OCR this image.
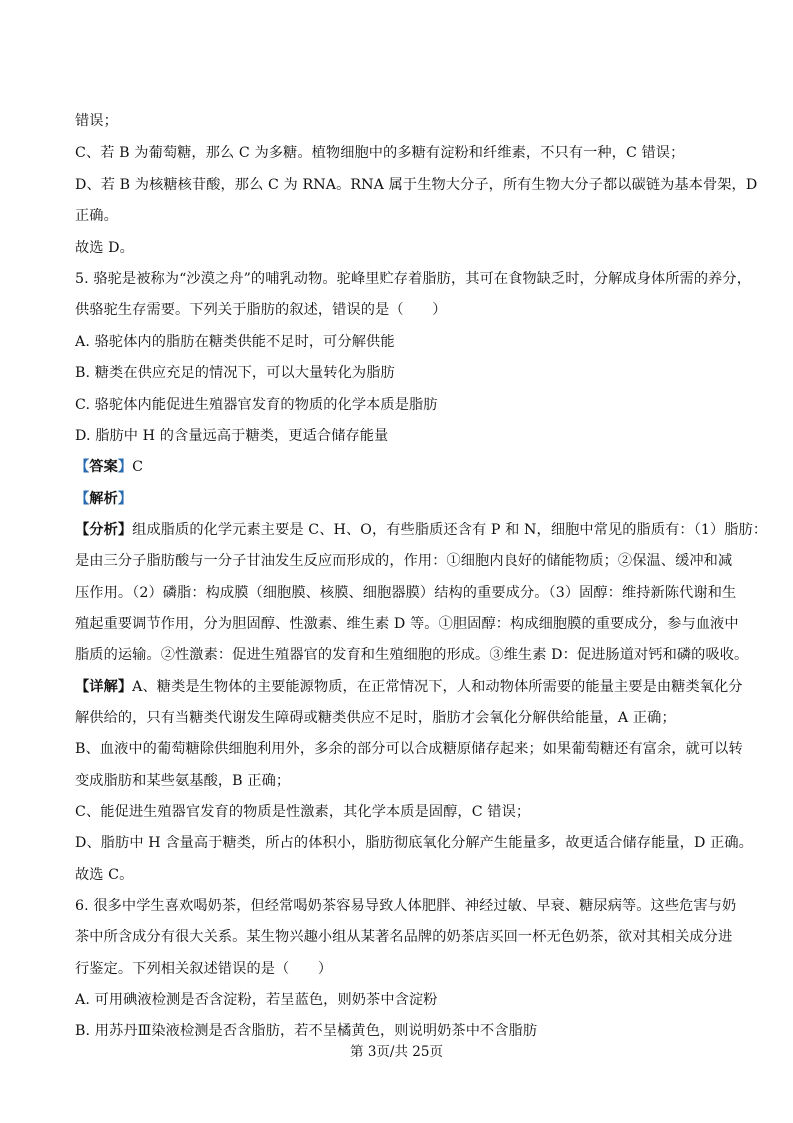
错误；
C、若 B 为葡萄糖，那么 C 为多糖。植物细胞中的多糖有淀粉和纤维素，不只有一种，C 错误；
D、若 B 为核糖核苷酸，那么 C 为 RNA。RNA 属于生物大分子，所有生物大分子都以碳链为基本骨架，D
正确。
故选 D。
5. 骆驼是被称为“沙漠之舟”的哺乳动物。驼峰里贮存着脂肪，其可在食物缺乏时，分解成身体所需的养分，
供骆驼生存需要。下列关于脂肪的叙述，错误的是（　　）
A. 骆驼体内的脂肪在糖类供能不足时，可分解供能
B. 糖类在供应充足的情况下，可以大量转化为脂肪
C. 骆驼体内能促进生殖器官发育的物质的化学本质是脂肪
D. 脂肪中 H 的含量远高于糖类，更适合储存能量
【答案】C
【解析】
【分析】组成脂质的化学元素主要是 C、H、O，有些脂质还含有 P 和 N，细胞中常见的脂质有：（1）脂肪：
是由三分子脂肪酸与一分子甘油发生反应而形成的，作用：①细胞内良好的储能物质；②保温、缓冲和减
压作用。（2）磷脂：构成膜（细胞膜、核膜、细胞器膜）结构的重要成分。（3）固醇：维持新陈代谢和生
殖起重要调节作用，分为胆固醇、性激素、维生素 D 等。①胆固醇：构成细胞膜的重要成分，参与血液中
脂质的运输。②性激素：促进生殖器官的发育和生殖细胞的形成。③维生素 D：促进肠道对钙和磷的吸收。
【详解】A、糖类是生物体的主要能源物质，在正常情况下，人和动物体所需要的能量主要是由糖类氧化分
解供给的，只有当糖类代谢发生障碍或糖类供应不足时，脂肪才会氧化分解供给能量，A 正确；
B、血液中的葡萄糖除供细胞利用外，多余的部分可以合成糖原储存起来；如果葡萄糖还有富余，就可以转
变成脂肪和某些氨基酸，B 正确；
C、能促进生殖器官发育的物质是性激素，其化学本质是固醇，C 错误；
D、脂肪中 H 含量高于糖类，所占的体积小，脂肪彻底氧化分解产生能量多，故更适合储存能量，D 正确。
故选 C。
6. 很多中学生喜欢喝奶茶，但经常喝奶茶容易导致人体肥胖、神经过敏、早衰、糖尿病等。这些危害与奶
茶中所含成分有很大关系。某生物兴趣小组从某著名品牌的奶茶店买回一杯无色奶茶，欲对其相关成分进
行鉴定。下列相关叙述错误的是（　　）
A. 可用碘液检测是否含淀粉，若呈蓝色，则奶茶中含淀粉
B. 用苏丹Ⅲ染液检测是否含脂肪，若不呈橘黄色，则说明奶茶中不含脂肪
第 3页/共 25页
